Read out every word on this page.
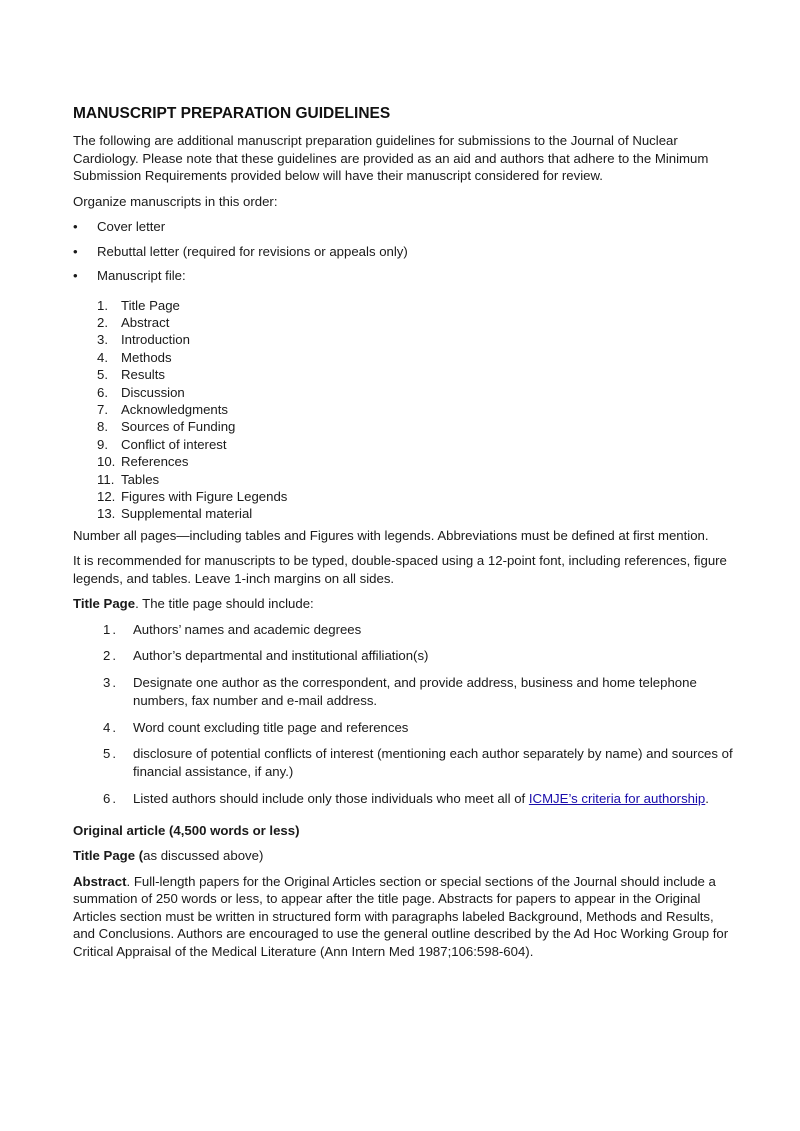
MANUSCRIPT PREPARATION GUIDELINES

The following are additional manuscript preparation guidelines for submissions to the Journal of Nuclear Cardiology. Please note that these guidelines are provided as an aid and authors that adhere to the Minimum Submission Requirements provided below will have their manuscript considered for review.

Organize manuscripts in this order:

• Cover letter
• Rebuttal letter (required for revisions or appeals only)
• Manuscript file:
1. Title Page
2. Abstract
3. Introduction
4. Methods
5. Results
6. Discussion
7. Acknowledgments
8. Sources of Funding
9. Conflict of interest
10. References
11. Tables
12. Figures with Figure Legends
13. Supplemental material

Number all pages—including tables and Figures with legends. Abbreviations must be defined at first mention.

It is recommended for manuscripts to be typed, double-spaced using a 12-point font, including references, figure legends, and tables. Leave 1-inch margins on all sides.

Title Page. The title page should include:

1. Authors’ names and academic degrees
2. Author’s departmental and institutional affiliation(s)
3. Designate one author as the correspondent, and provide address, business and home telephone numbers, fax number and e-mail address.
4. Word count excluding title page and references
5. disclosure of potential conflicts of interest (mentioning each author separately by name) and sources of financial assistance, if any.)
6. Listed authors should include only those individuals who meet all of ICMJE’s criteria for authorship.

Original article (4,500 words or less)

Title Page (as discussed above)

Abstract. Full-length papers for the Original Articles section or special sections of the Journal should include a summation of 250 words or less, to appear after the title page. Abstracts for papers to appear in the Original Articles section must be written in structured form with paragraphs labeled Background, Methods and Results, and Conclusions. Authors are encouraged to use the general outline described by the Ad Hoc Working Group for Critical Appraisal of the Medical Literature (Ann Intern Med 1987;106:598-604).
